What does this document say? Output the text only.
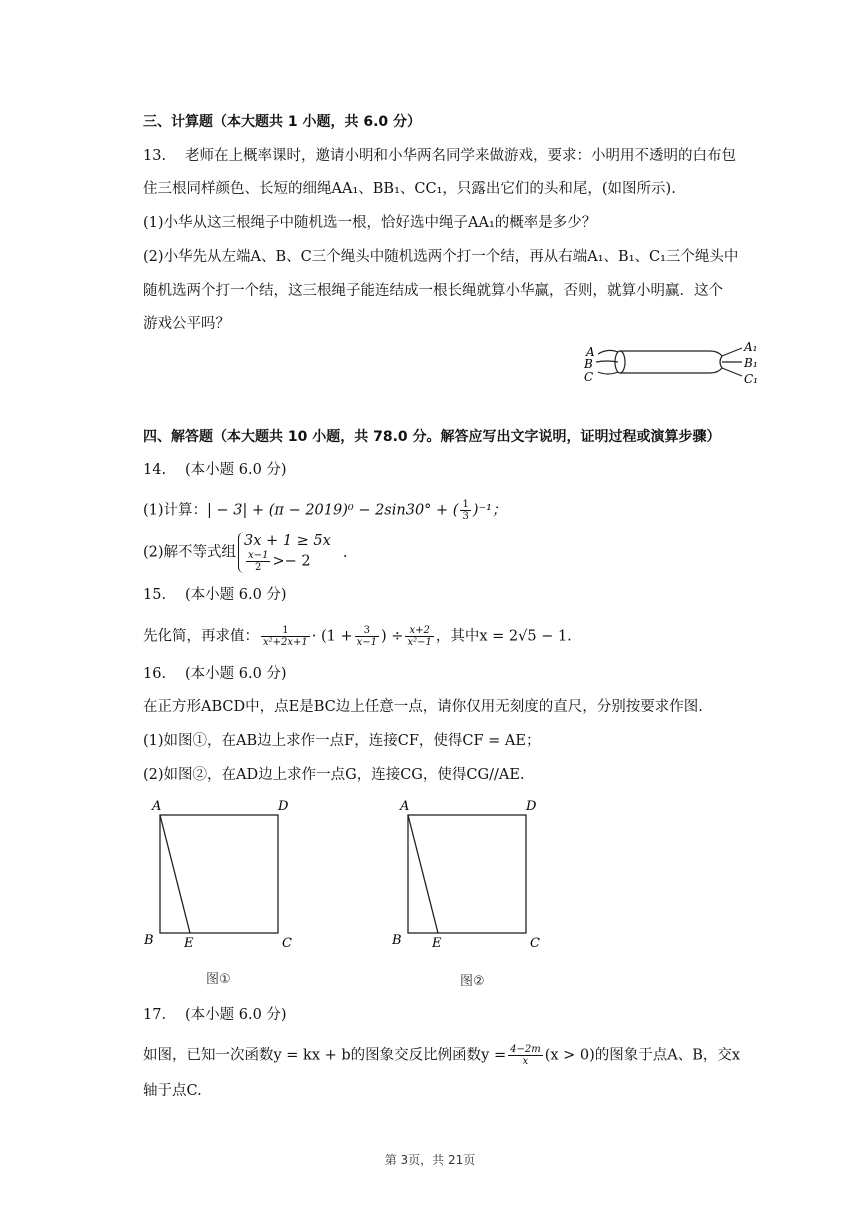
三、计算题（本大题共 1 小题，共 6.0 分）
13. 老师在上概率课时，邀请小明和小华两名同学来做游戏，要求：小明用不透明的白布包
住三根同样颜色、长短的细绳AA₁、BB₁、CC₁，只露出它们的头和尾，(如图所示).
(1)小华从这三根绳子中随机选一根，恰好选中绳子AA₁的概率是多少？
(2)小华先从左端A、B、C三个绳头中随机选两个打一个结，再从右端A₁、B₁、C₁三个绳头中
随机选两个打一个结，这三根绳子能连结成一根长绳就算小华赢，否则，就算小明赢．这个
游戏公平吗？
A
B
C
A₁
B₁
C₁
四、解答题（本大题共 10 小题，共 78.0 分。解答应写出文字说明，证明过程或演算步骤）
14. (本小题 6.0 分)
(1)计算：| − 3| + (π − 2019)⁰ − 2sin30° + ( $\frac{1}{3} )^{-1}$；
(2)解不等式组
3x + 1 ≥ 5x
$\frac{x-1}{2} >- 2$
.
15. (本小题 6.0 分)
先化简，再求值： $\frac{1}{\text{x²+2x+1}} \cdot (1 + \frac{3}{x-1}$ ) ÷ $\frac{x+2}{\text{x²−1}}$ ，其中x = 2√5 − 1.
16. (本小题 6.0 分)
在正方形ABCD中，点E是BC边上任意一点，请你仅用无刻度的直尺，分别按要求作图.
(1)如图①，在AB边上求作一点F，连接CF，使得CF = AE；
(2)如图②，在AD边上求作一点G，连接CG，使得CG//AE.
A	D
B E	C
图①
A	D
B E	C
图②
17. (本小题 6.0 分)
如图，已知一次函数y = kx + b的图象交反比例函数$y = \frac{4-2m}{x} (x > 0)$的图象于点A、B，交x
轴于点C.
第 3页，共 21页
